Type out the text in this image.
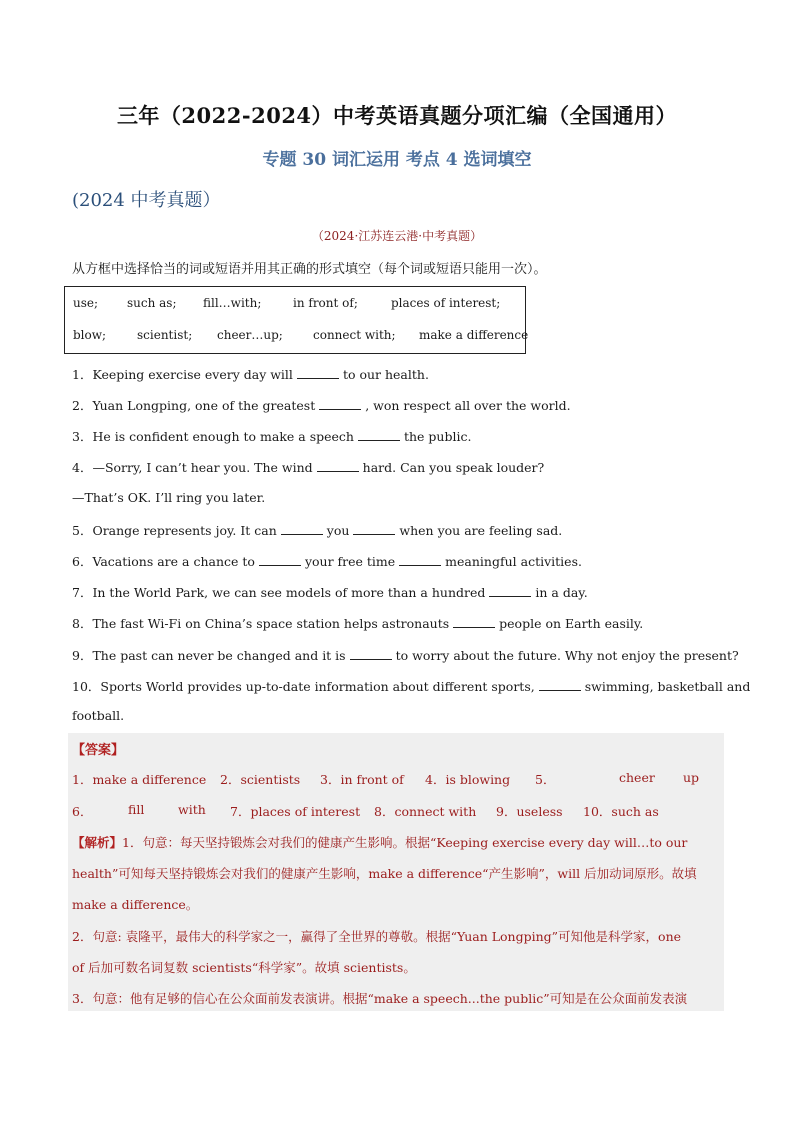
三年（2022-2024）中考英语真题分项汇编（全国通用）
专题 30 词汇运用 考点 4 选词填空
(2024 中考真题）
（2024·江苏连云港·中考真题）
从方框中选择恰当的词或短语并用其正确的形式填空（每个词或短语只能用一次）。
use; such as; fill…with;	in front of;	places of interest;
blow;	scientist; cheer…up;	connect with; make a difference
1．Keeping exercise every day will	to our health.
2．Yuan Longping, one of the greatest	, won respect all over the world.
3．He is confident enough to make a speech	the public.
4．—Sorry, I can’t hear you. The wind	hard. Can you speak louder?
—That’s OK. I’ll ring you later.
5．Orange represents joy. It can	you	when you are feeling sad.
6．Vacations are a chance to	your free time	meaningful activities.
7．In the World Park, we can see models of more than a hundred	in a day.
8．The fast Wi-Fi on China’s space station helps astronauts	people on Earth easily.
9．The past can never be changed and it is	to worry about the future. Why not enjoy the present?
10．Sports World provides up-to-date information about different sports,	swimming, basketball and
football.
【答案】
1．make a difference 2．scientists 3．in front of 4．is blowing 5．	cheer up
6．	fill	with 7．places of interest 8．connect with 9．useless 10．such as
【解析】1．句意：每天坚持锻炼会对我们的健康产生影响。根据“Keeping exercise every day will…to our
health”可知每天坚持锻炼会对我们的健康产生影响，make a difference“产生影响”，will 后加动词原形。故填
make a difference。
2．句意: 袁隆平，最伟大的科学家之一，赢得了全世界的尊敬。根据“Yuan Longping”可知他是科学家，one
of 后加可数名词复数 scientists“科学家”。故填 scientists。
3．句意：他有足够的信心在公众面前发表演讲。根据“make a speech...the public”可知是在公众面前发表演
